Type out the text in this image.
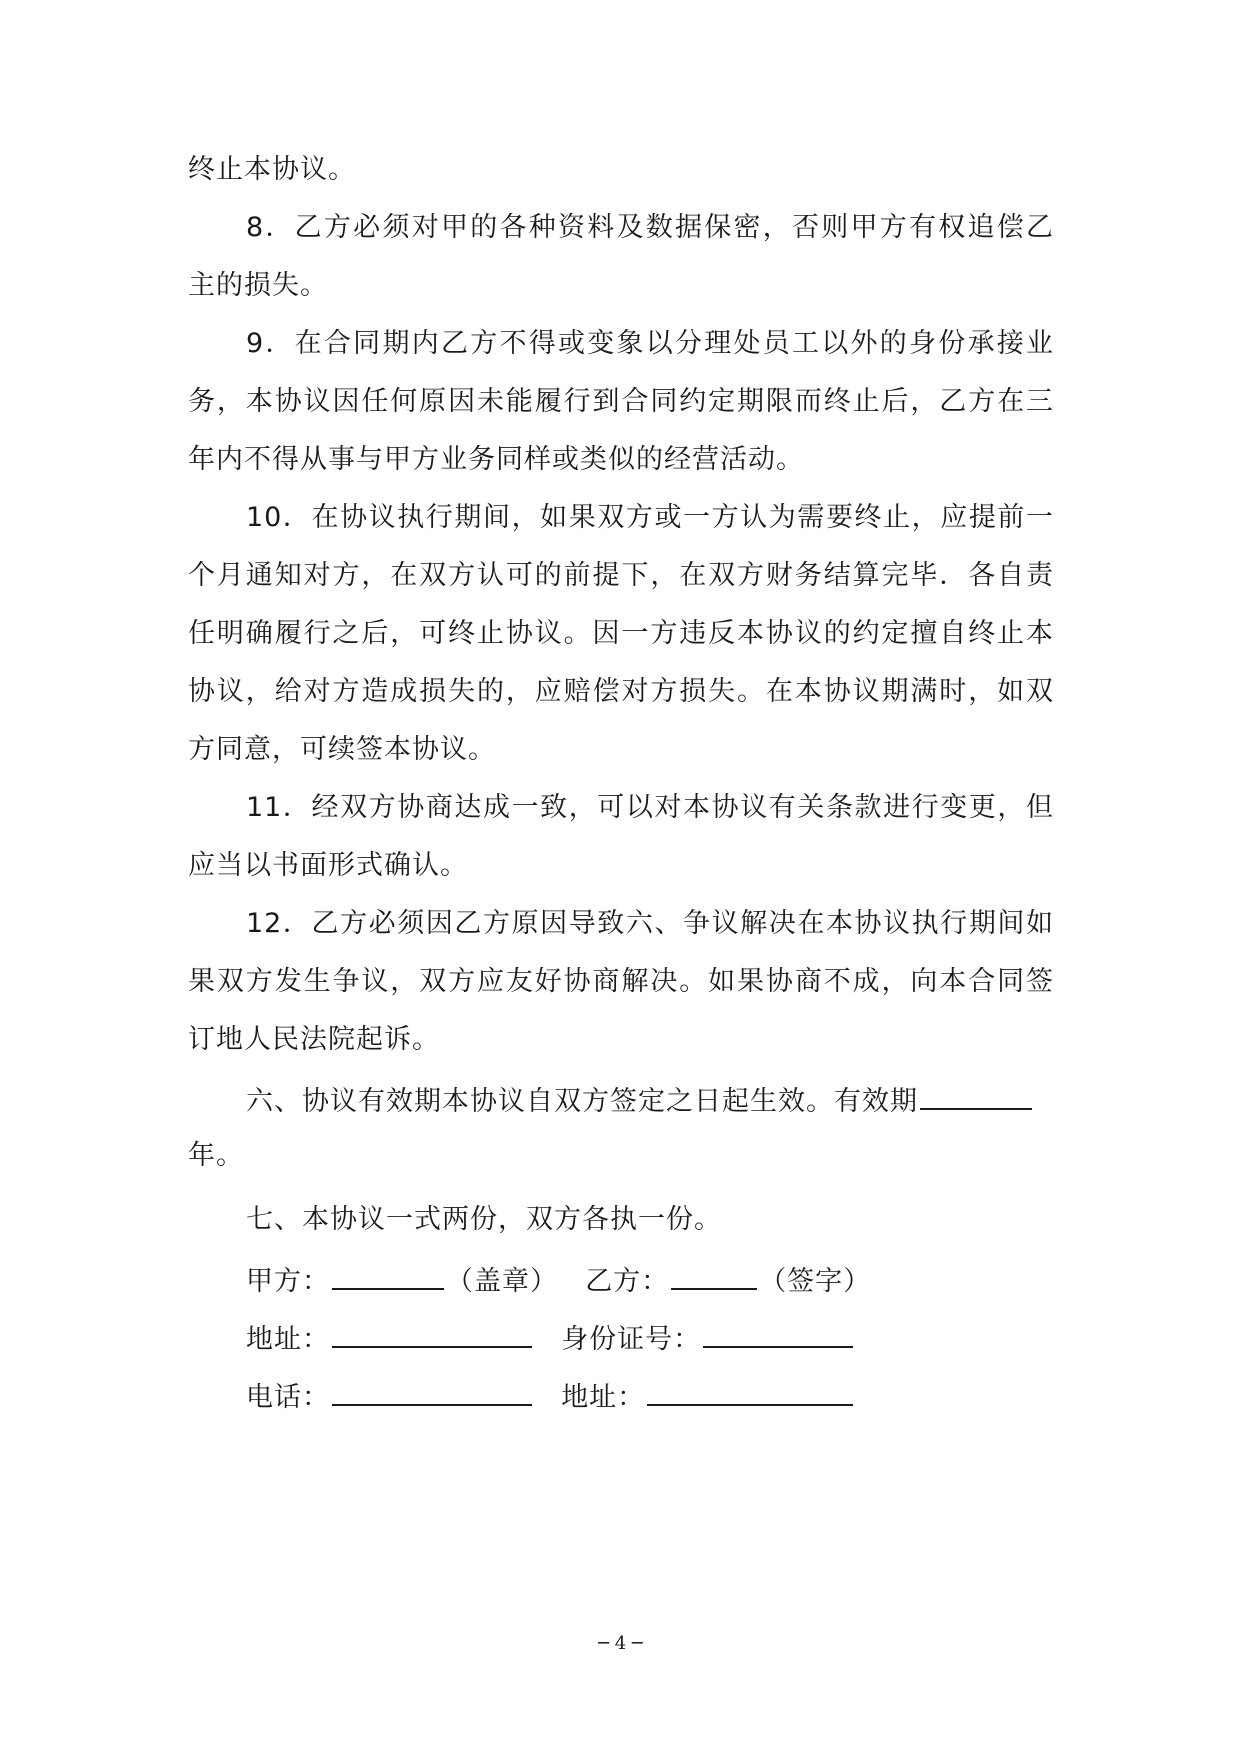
终止本协议。
8．乙方必须对甲的各种资料及数据保密，否则甲方有权追偿乙
主的损失。
9．在合同期内乙方不得或变象以分理处员工以外的身份承接业
务，本协议因任何原因未能履行到合同约定期限而终止后，乙方在三
年内不得从事与甲方业务同样或类似的经营活动。
10．在协议执行期间，如果双方或一方认为需要终止，应提前一
个月通知对方，在双方认可的前提下，在双方财务结算完毕．各自责
任明确履行之后，可终止协议。因一方违反本协议的约定擅自终止本
协议，给对方造成损失的，应赔偿对方损失。在本协议期满时，如双
方同意，可续签本协议。
11．经双方协商达成一致，可以对本协议有关条款进行变更，但
应当以书面形式确认。
12．乙方必须因乙方原因导致六、争议解决在本协议执行期间如
果双方发生争议，双方应友好协商解决。如果协商不成，向本合同签
订地人民法院起诉。
六、协议有效期本协议自双方签定之日起生效。有效期
年。
七、本协议一式两份，双方各执一份。
甲方：	（盖章） 乙方：	（签字）
地址：	身份证号：
电话：	地址：
─ 4 ─
